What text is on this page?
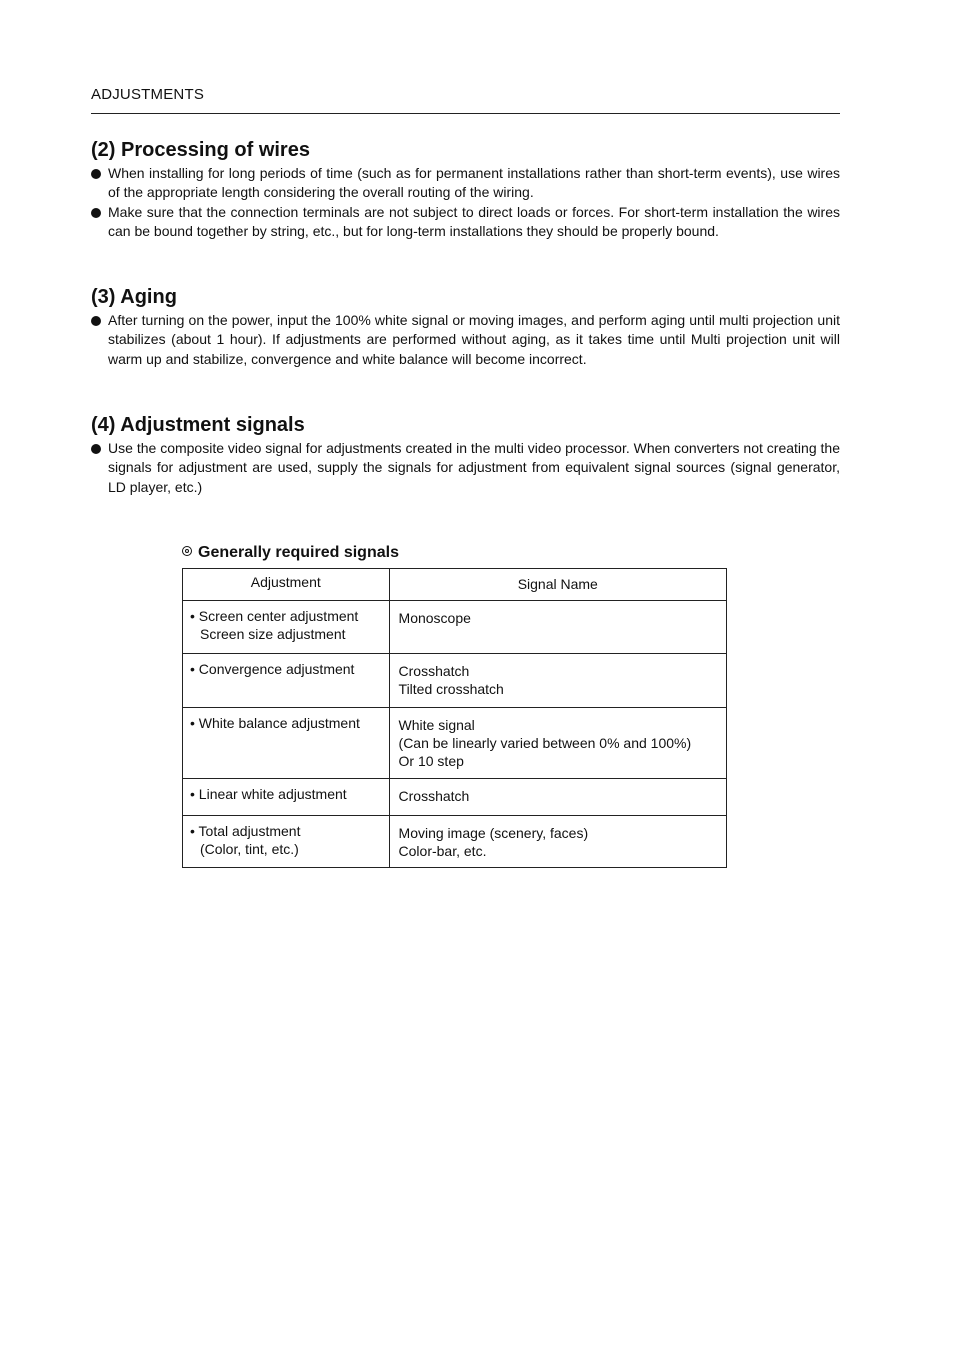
ADJUSTMENTS
(2) Processing of wires
When installing for long periods of time (such as for permanent installations rather than short-term events), use wires of the appropriate length considering the overall routing of the wiring.
Make sure that the connection terminals are not subject to direct loads or forces. For short-term installation the wires can be bound together by string, etc., but for long-term installations they should be properly bound.
(3) Aging
After turning on the power, input the 100% white signal or moving images, and perform aging until multi projection unit stabilizes (about 1 hour). If adjustments are performed without aging, as it takes time until Multi projection unit will warm up and stabilize, convergence and white balance will become incorrect.
(4) Adjustment signals
Use the composite video signal for adjustments created in the multi video processor. When converters not creating the signals for adjustment are used, supply the signals for adjustment from equivalent signal sources (signal generator, LD player, etc.)
Generally required signals
Adjustment	Signal Name

• Screen center adjustment
Screen size adjustment	Monoscope

• Convergence adjustment	Crosshatch
Tilted crosshatch

• White balance adjustment	White signal
(Can be linearly varied between 0% and 100%)
Or 10 step

• Linear white adjustment	Crosshatch

• Total adjustment
(Color, tint, etc.)	Moving image (scenery, faces)
Color-bar, etc.
